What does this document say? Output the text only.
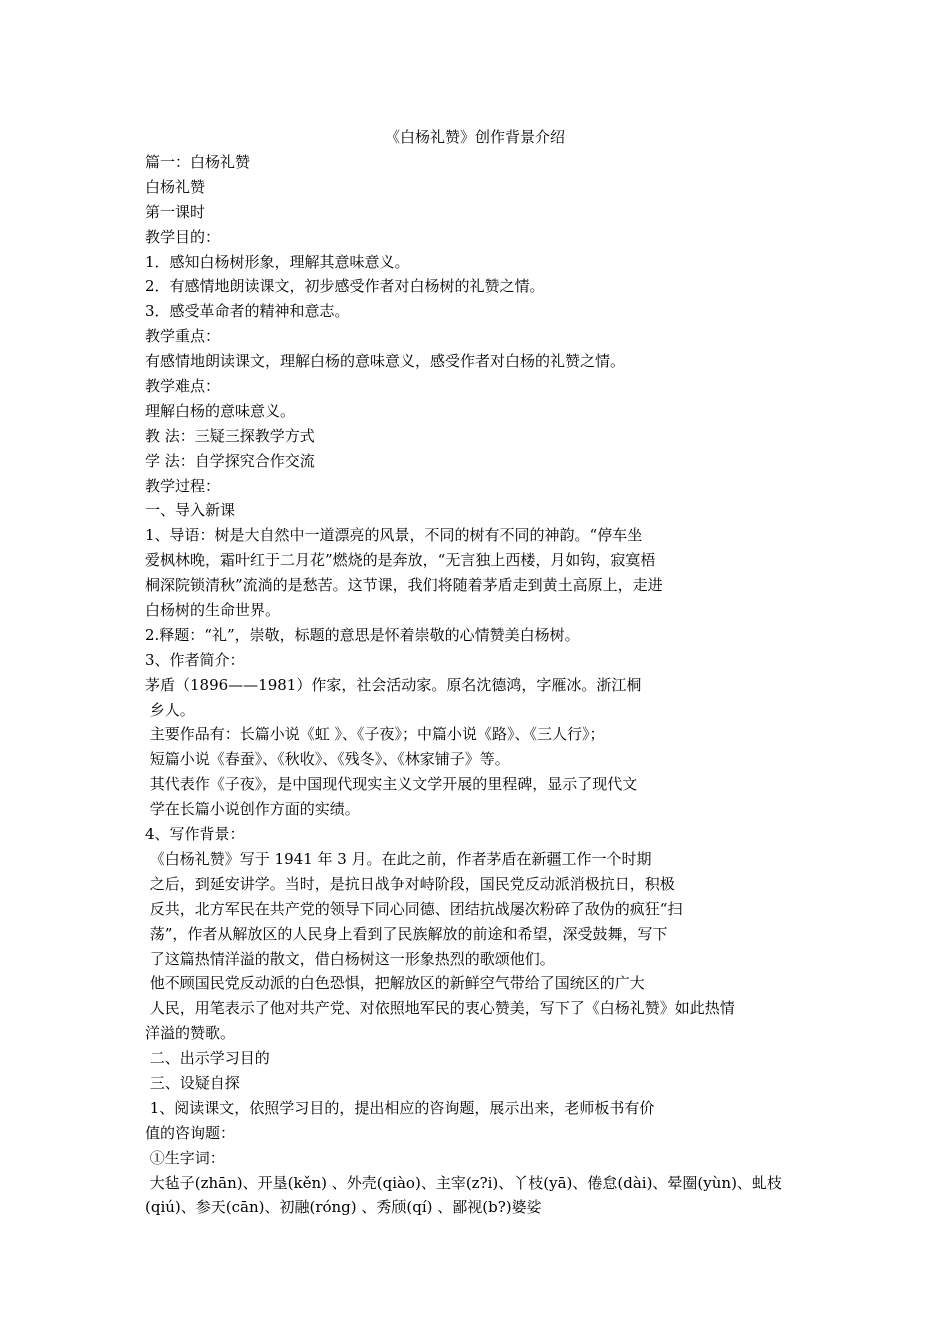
《白杨礼赞》创作背景介绍
篇一：白杨礼赞
白杨礼赞
第一课时
教学目的：
1．感知白杨树形象，理解其意味意义。
2．有感情地朗读课文，初步感受作者对白杨树的礼赞之情。
3．感受革命者的精神和意志。
教学重点：
有感情地朗读课文，理解白杨的意味意义，感受作者对白杨的礼赞之情。
教学难点：
理解白杨的意味意义。
教 法：三疑三探教学方式
学 法：自学探究合作交流
教学过程：
一、导入新课
1、导语：树是大自然中一道漂亮的风景，不同的树有不同的神韵。“停车坐
爱枫林晚，霜叶红于二月花”燃烧的是奔放，“无言独上西楼，月如钩，寂寞梧
桐深院锁清秋”流淌的是愁苦。这节课，我们将随着茅盾走到黄土高原上，走进
白杨树的生命世界。
2.释题：“礼”，崇敬，标题的意思是怀着崇敬的心情赞美白杨树。
3、作者简介：
茅盾（1896——1981）作家，社会活动家。原名沈德鸿，字雁冰。浙江桐
乡人。
主要作品有：长篇小说《虹 》、《子夜》；中篇小说《路》、《三人行》；
短篇小说《春蚕》、《秋收》、《残冬》、《林家铺子》等。
其代表作《子夜》，是中国现代现实主义文学开展的里程碑，显示了现代文
学在长篇小说创作方面的实绩。
4、写作背景：
《白杨礼赞》写于 1941 年 3 月。在此之前，作者茅盾在新疆工作一个时期
之后，到延安讲学。当时，是抗日战争对峙阶段，国民党反动派消极抗日，积极
反共，北方军民在共产党的领导下同心同德、团结抗战屡次粉碎了敌伪的疯狂“扫
荡”，作者从解放区的人民身上看到了民族解放的前途和希望，深受鼓舞，写下
了这篇热情洋溢的散文，借白杨树这一形象热烈的歌颂他们。
他不顾国民党反动派的白色恐惧，把解放区的新鲜空气带给了国统区的广大
人民，用笔表示了他对共产党、对依照地军民的衷心赞美，写下了《白杨礼赞》如此热情
洋溢的赞歌。
二、出示学习目的
三、设疑自探
1、阅读课文，依照学习目的，提出相应的咨询题，展示出来，老师板书有价
值的咨询题：
①生字词：
大毡子(zhān)、开垦(kěn) 、外壳(qiào)、主宰(z?i)、丫枝(yā)、倦怠(dài)、晕圈(yùn)、虬枝
(qiú)、参天(cān)、初融(róng) 、秀颀(qí) 、鄙视(b?)婆娑
